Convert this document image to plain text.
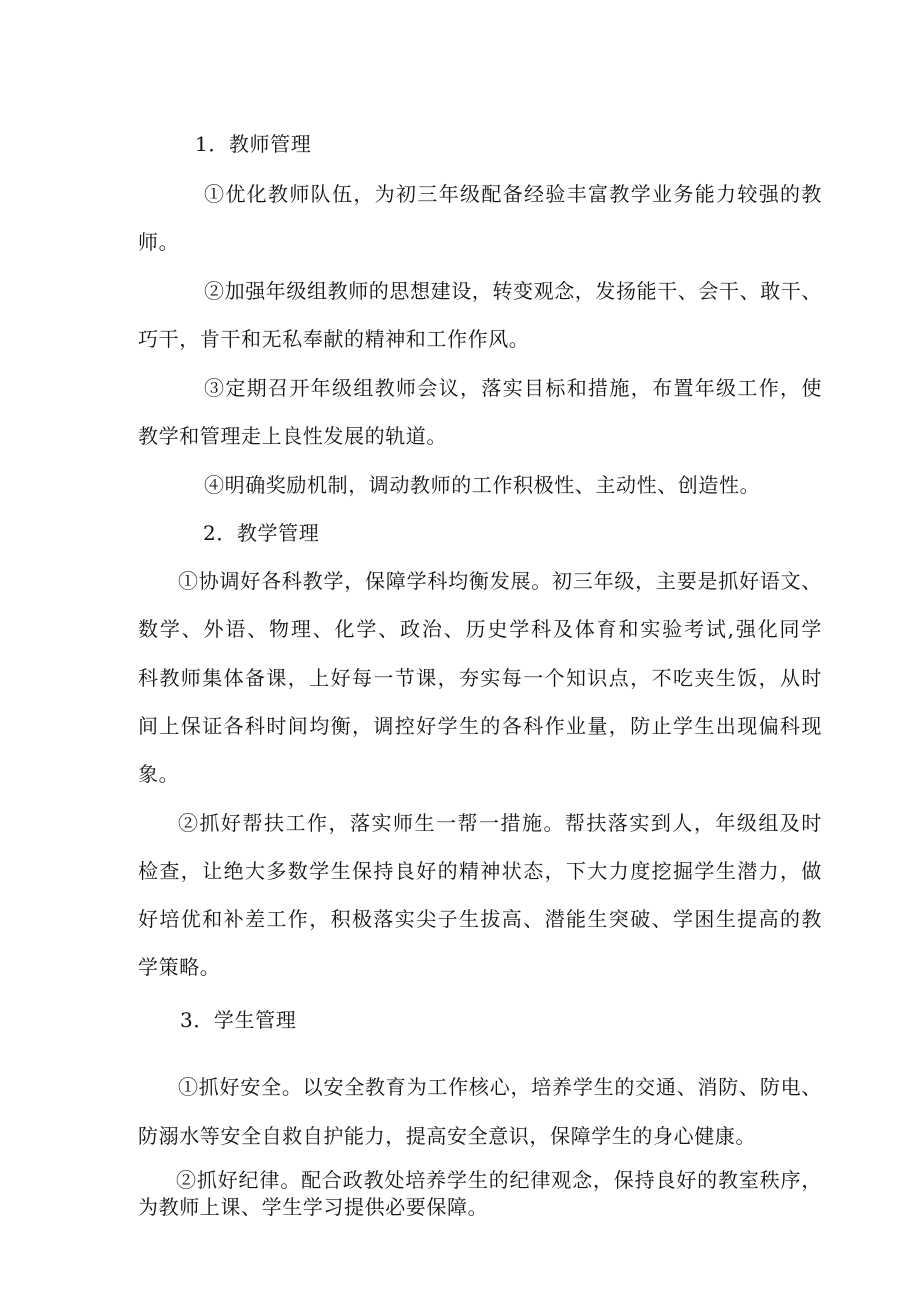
1．教师管理
①优化教师队伍，为初三年级配备经验丰富教学业务能力较强的教
师。
②加强年级组教师的思想建设，转变观念，发扬能干、会干、敢干、
巧干，肯干和无私奉献的精神和工作作风。
③定期召开年级组教师会议，落实目标和措施，布置年级工作，使
教学和管理走上良性发展的轨道。
④明确奖励机制，调动教师的工作积极性、主动性、创造性。
2．教学管理
①协调好各科教学，保障学科均衡发展。初三年级，主要是抓好语文、
数学、外语、物理、化学、政治、历史学科及体育和实验考试,强化同学
科教师集体备课，上好每一节课，夯实每一个知识点，不吃夹生饭，从时
间上保证各科时间均衡，调控好学生的各科作业量，防止学生出现偏科现
象。
②抓好帮扶工作，落实师生一帮一措施。帮扶落实到人，年级组及时
检查，让绝大多数学生保持良好的精神状态，下大力度挖掘学生潜力，做
好培优和补差工作，积极落实尖子生拔高、潜能生突破、学困生提高的教
学策略。
3．学生管理
①抓好安全。以安全教育为工作核心，培养学生的交通、消防、防电、
防溺水等安全自救自护能力，提高安全意识，保障学生的身心健康。
②抓好纪律。配合政教处培养学生的纪律观念，保持良好的教室秩序，
为教师上课、学生学习提供必要保障。
